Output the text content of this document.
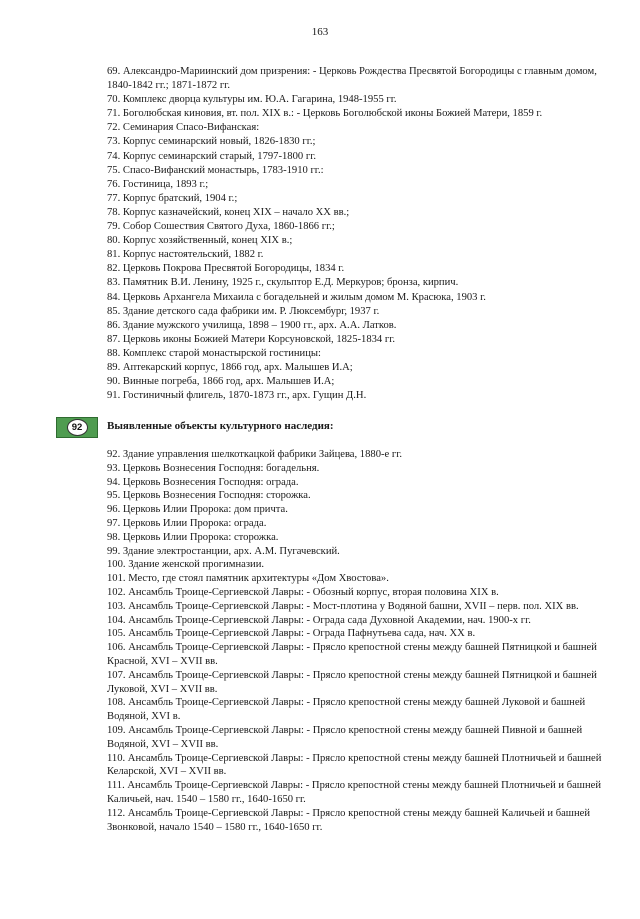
163
69. Александро-Мариинский дом призрения: - Церковь Рождества Пресвятой Богородицы с главным домом, 1840-1842 гг.; 1871-1872 гг.
70. Комплекс дворца культуры им. Ю.А. Гагарина, 1948-1955 гг.
71. Боголюбская киновия, вт. пол. XIX в.: - Церковь Боголюбской иконы Божией Матери, 1859 г.
72. Семинария Спасо-Вифанская:
73. Корпус семинарский новый, 1826-1830 гг.;
74. Корпус семинарский старый, 1797-1800 гг.
75. Спасо-Вифанский монастырь, 1783-1910 гг.:
76. Гостиница, 1893 г.;
77. Корпус братский, 1904 г.;
78. Корпус казначейский, конец XIX – начало XX вв.;
79. Собор Сошествия Святого Духа, 1860-1866 гг.;
80. Корпус хозяйственный, конец XIX в.;
81. Корпус настоятельский, 1882 г.
82. Церковь Покрова Пресвятой Богородицы, 1834 г.
83. Памятник В.И. Ленину, 1925 г., скульптор Е.Д. Меркуров; бронза, кирпич.
84. Церковь Архангела Михаила с богадельней и жилым домом М. Красюка, 1903 г.
85. Здание детского сада фабрики им. Р. Люксембург, 1937 г.
86. Здание мужского училища, 1898 – 1900 гг., арх. А.А. Латков.
87. Церковь иконы Божией Матери Корсуновской, 1825-1834 гг.
88. Комплекс старой монастырской гостиницы:
89. Аптекарский корпус, 1866 год, арх. Малышев И.А;
90. Винные погреба, 1866 год, арх. Малышев И.А;
91. Гостиничный флигель, 1870-1873 гг., арх. Гущин Д.Н.
92	Выявленные объекты культурного наследия:
92. Здание управления шелкоткацкой фабрики Зайцева, 1880-е гг.
93. Церковь Вознесения Господня: богадельня.
94. Церковь Вознесения Господня: ограда.
95. Церковь Вознесения Господня: сторожка.
96. Церковь Илии Пророка: дом причта.
97. Церковь Илии Пророка: ограда.
98. Церковь Илии Пророка: сторожка.
99. Здание электростанции, арх. А.М. Пугачевский.
100. Здание женской прогимназии.
101. Место, где стоял памятник архитектуры «Дом Хвостова».
102. Ансамбль Троице-Сергиевской Лавры: - Обозный корпус, вторая половина XIX в.
103. Ансамбль Троице-Сергиевской Лавры: - Мост-плотина у Водяной башни, XVII – перв. пол. XIX вв.
104. Ансамбль Троице-Сергиевской Лавры: - Ограда сада Духовной Академии, нач. 1900-х гг.
105. Ансамбль Троице-Сергиевской Лавры: - Ограда Пафнутьева сада, нач. XX в.
106. Ансамбль Троице-Сергиевской Лавры: - Прясло крепостной стены между башней Пятницкой и башней Красной, XVI – XVII вв.
107. Ансамбль Троице-Сергиевской Лавры: - Прясло крепостной стены между башней Пятницкой и башней Луковой, XVI – XVII вв.
108. Ансамбль Троице-Сергиевской Лавры: - Прясло крепостной стены между башней Луковой и башней Водяной, XVI в.
109. Ансамбль Троице-Сергиевской Лавры: - Прясло крепостной стены между башней Пивной и башней Водяной, XVI – XVII вв.
110. Ансамбль Троице-Сергиевской Лавры: - Прясло крепостной стены между башней Плотничьей и башней Келарской, XVI – XVII вв.
111. Ансамбль Троице-Сергиевской Лавры: - Прясло крепостной стены между башней Плотничьей и башней Каличьей, нач. 1540 – 1580 гг., 1640-1650 гг.
112. Ансамбль Троице-Сергиевской Лавры: - Прясло крепостной стены между башней Каличьей и башней Звонковой, начало 1540 – 1580 гг., 1640-1650 гг.
